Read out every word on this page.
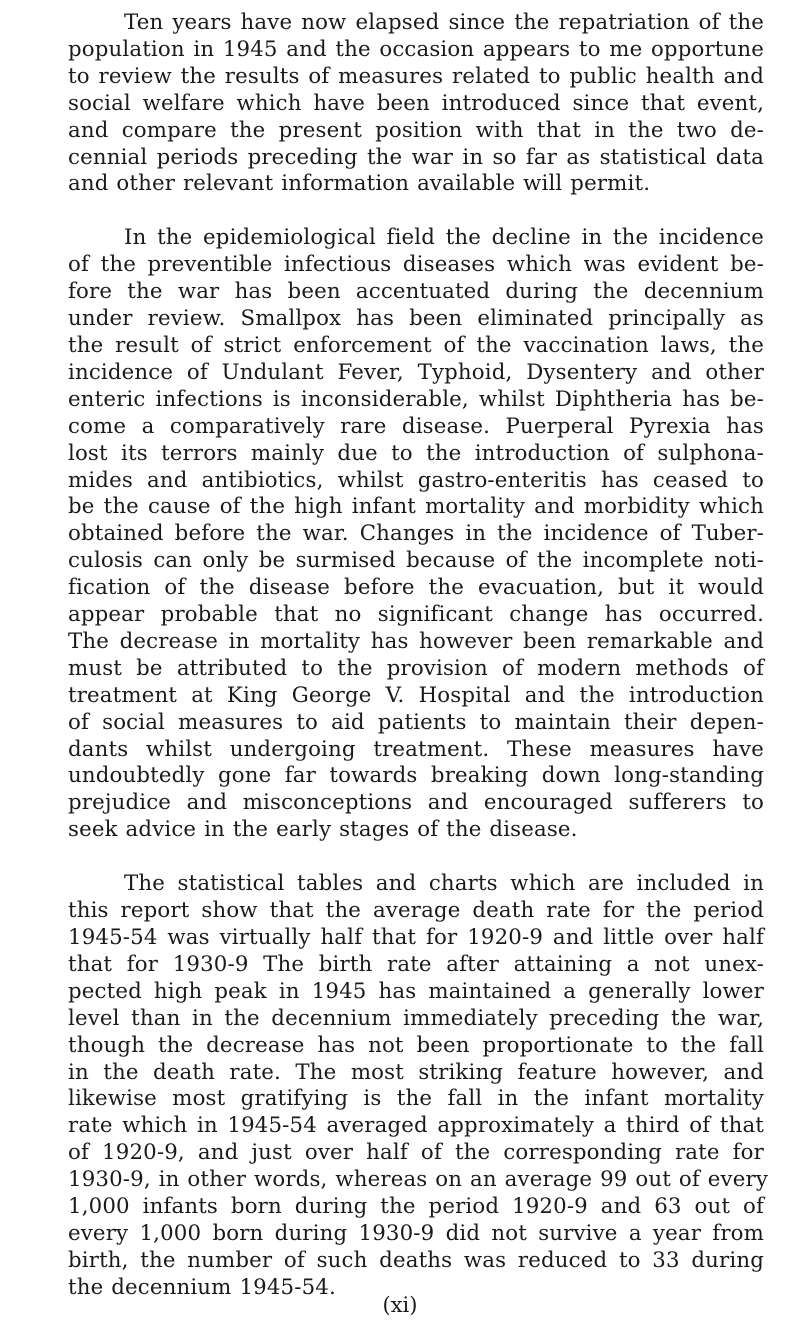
Ten years have now elapsed since the repatriation of the
population in 1945 and the occasion appears to me opportune
to review the results of measures related to public health and
social welfare which have been introduced since that event,
and compare the present position with that in the two de-
cennial periods preceding the war in so far as statistical data
and other relevant information available will permit.

In the epidemiological field the decline in the incidence
of the preventible infectious diseases which was evident be-
fore the war has been accentuated during the decennium
under review. Smallpox has been eliminated principally as
the result of strict enforcement of the vaccination laws, the
incidence of Undulant Fever, Typhoid, Dysentery and other
enteric infections is inconsiderable, whilst Diphtheria has be-
come a comparatively rare disease. Puerperal Pyrexia has
lost its terrors mainly due to the introduction of sulphona-
mides and antibiotics, whilst gastro-enteritis has ceased to
be the cause of the high infant mortality and morbidity which
obtained before the war. Changes in the incidence of Tuber-
culosis can only be surmised because of the incomplete noti-
fication of the disease before the evacuation, but it would
appear probable that no significant change has occurred.
The decrease in mortality has however been remarkable and
must be attributed to the provision of modern methods of
treatment at King George V. Hospital and the introduction
of social measures to aid patients to maintain their depen-
dants whilst undergoing treatment. These measures have
undoubtedly gone far towards breaking down long-standing
prejudice and misconceptions and encouraged sufferers to
seek advice in the early stages of the disease.

The statistical tables and charts which are included in
this report show that the average death rate for the period
1945-54 was virtually half that for 1920-9 and little over half
that for 1930-9 The birth rate after attaining a not unex-
pected high peak in 1945 has maintained a generally lower
level than in the decennium immediately preceding the war,
though the decrease has not been proportionate to the fall
in the death rate. The most striking feature however, and
likewise most gratifying is the fall in the infant mortality
rate which in 1945-54 averaged approximately a third of that
of 1920-9, and just over half of the corresponding rate for
1930-9, in other words, whereas on an average 99 out of every
1,000 infants born during the period 1920-9 and 63 out of
every 1,000 born during 1930-9 did not survive a year from
birth, the number of such deaths was reduced to 33 during
the decennium 1945-54.

(xi)
